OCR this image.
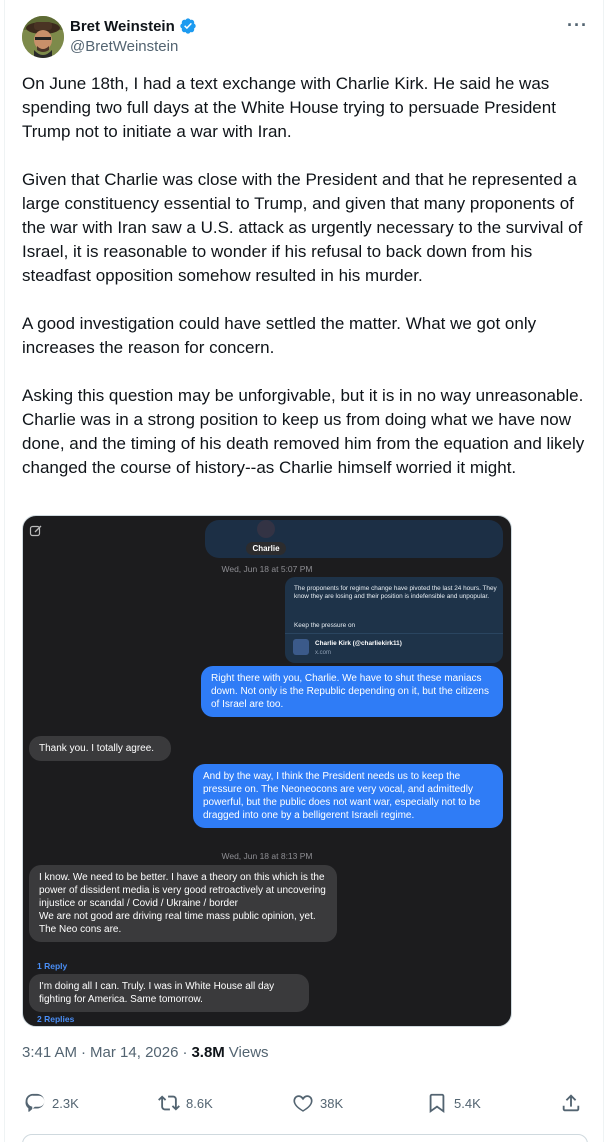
Bret Weinstein
@BretWeinstein
···

On June 18th, I had a text exchange with Charlie Kirk. He said he was spending two full days at the White House trying to persuade President Trump not to initiate a war with Iran.

Given that Charlie was close with the President and that he represented a large constituency essential to Trump, and given that many proponents of the war with Iran saw a U.S. attack as urgently necessary to the survival of Israel, it is reasonable to wonder if his refusal to back down from his steadfast opposition somehow resulted in his murder.

A good investigation could have settled the matter. What we got only increases the reason for concern.

Asking this question may be unforgivable, but it is in no way unreasonable. Charlie was in a strong position to keep us from doing what we have now done, and the timing of his death removed him from the equation and likely changed the course of history--as Charlie himself worried it might.

Charlie
Wed, Jun 18 at 5:07 PM
The proponents for regime change have pivoted the last 24 hours. They know they are losing and their position is indefensible and unpopular.
Keep the pressure on
Charlie Kirk (@charliekirk11)
x.com
Right there with you, Charlie. We have to shut these maniacs down. Not only is the Republic depending on it, but the citizens of Israel are too.
Thank you. I totally agree.
And by the way, I think the President needs us to keep the pressure on. The Neoneocons are very vocal, and admittedly powerful, but the public does not want war, especially not to be dragged into one by a belligerent Israeli regime.
Wed, Jun 18 at 8:13 PM
I know. We need to be better. I have a theory on this which is the power of dissident media is very good retroactively at uncovering injustice or scandal / Covid / Ukraine / border
We are not good are driving real time mass public opinion, yet. The Neo cons are.
1 Reply
I'm doing all I can. Truly. I was in White House all day fighting for America. Same tomorrow.
2 Replies
3:41 AM · Mar 14, 2026 · 3.8M Views
2.3K	8.6K	38K	5.4K
